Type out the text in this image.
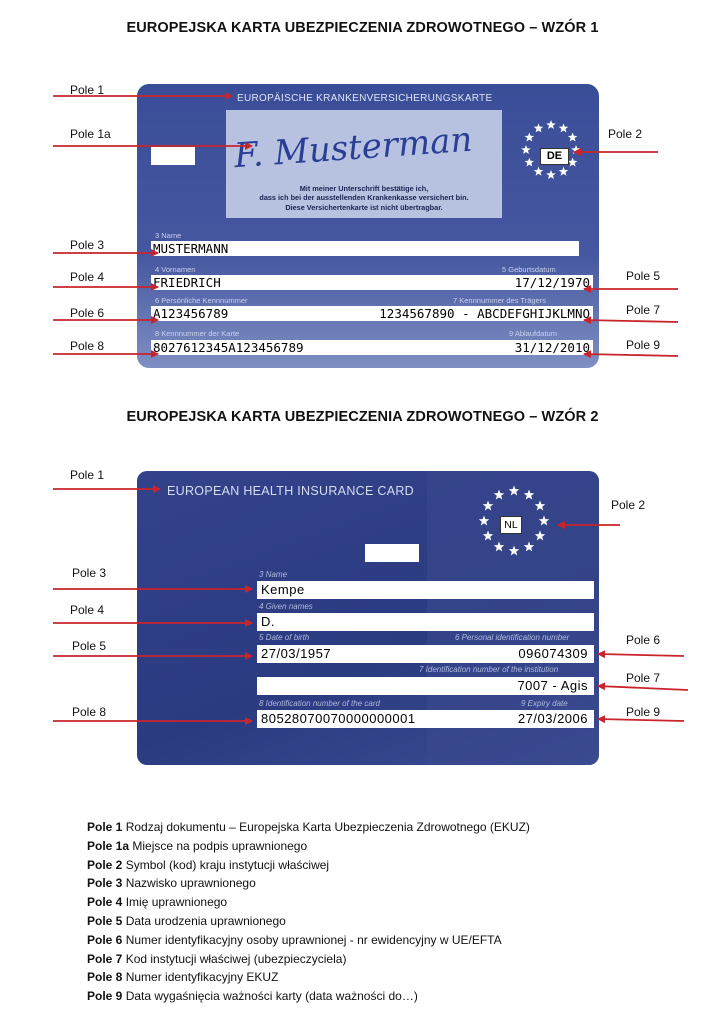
EUROPEJSKA KARTA UBEZPIECZENIA ZDROWOTNEGO – WZÓR 1
EUROPÄISCHE KRANKENVERSICHERUNGSKARTE
F. Musterman
Mit meiner Unterschrift bestätige ich,
dass ich bei der ausstellenden Krankenkasse versichert bin.
Diese Versichertenkarte ist nicht übertragbar.
DE
3 Name
MUSTERMANN
4 Vornamen	5 Geburtsdatum
FRIEDRICH	17/12/1970
6 Persönliche Kennnummer	7 Kennnummer des Trägers
A123456789	1234567890 - ABCDEFGHIJKLMNO
8 Kennnummer der Karte	9 Ablaufdatum
8027612345A123456789	31/12/2010
Pole 1
Pole 1a	Pole 2
Pole 3
Pole 4	Pole 5
Pole 6	Pole 7
Pole 8	Pole 9
EUROPEJSKA KARTA UBEZPIECZENIA ZDROWOTNEGO – WZÓR 2
EUROPEAN HEALTH INSURANCE CARD
NL
3 Name
Kempe
4 Given names
D.
5 Date of birth	6 Personal identification number
27/03/1957	096074309
7 Identification number of the institution
7007 - Agis
8 Identification number of the card	9 Expiry date
80528070070000000001	27/03/2006
Pole 1
Pole 2
Pole 3
Pole 4
Pole 6
Pole 5
Pole 7
Pole 8	Pole 9
Pole 1 Rodzaj dokumentu – Europejska Karta Ubezpieczenia Zdrowotnego (EKUZ)
Pole 1a Miejsce na podpis uprawnionego
Pole 2 Symbol (kod) kraju instytucji właściwej
Pole 3 Nazwisko uprawnionego
Pole 4 Imię uprawnionego
Pole 5 Data urodzenia uprawnionego
Pole 6 Numer identyfikacyjny osoby uprawnionej - nr ewidencyjny w UE/EFTA
Pole 7 Kod instytucji właściwej (ubezpieczyciela)
Pole 8 Numer identyfikacyjny EKUZ
Pole 9 Data wygaśnięcia ważności karty (data ważności do…)
